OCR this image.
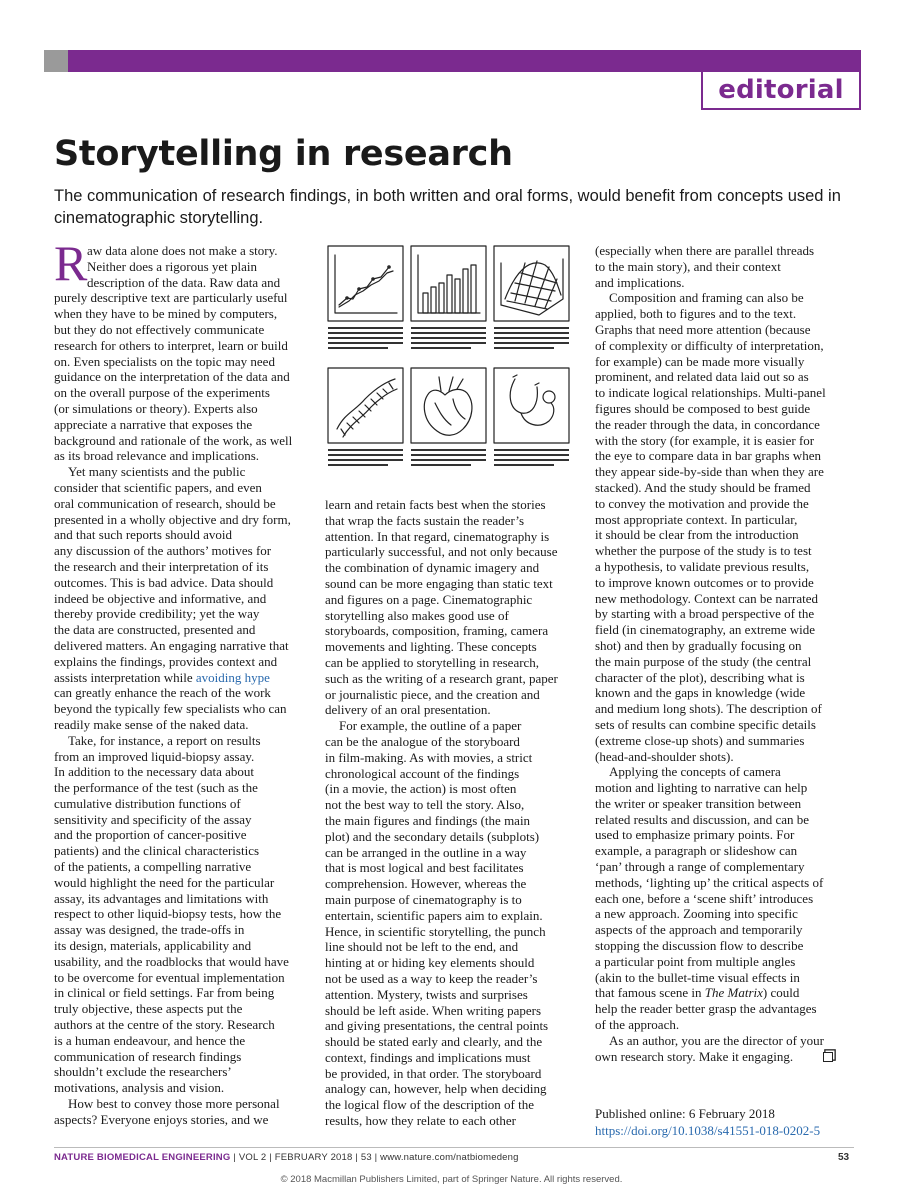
editorial
Storytelling in research

The communication of research findings, in both written and oral forms, would benefit from concepts used in
cinematographic storytelling.

R aw data alone does not make a story.
Neither does a rigorous yet plain
description of the data. Raw data and
purely descriptive text are particularly useful
when they have to be mined by computers,
but they do not effectively communicate
research for others to interpret, learn or build
on. Even specialists on the topic may need
guidance on the interpretation of the data and
on the overall purpose of the experiments
(or simulations or theory). Experts also
appreciate a narrative that exposes the
background and rationale of the work, as well
as its broad relevance and implications.
Yet many scientists and the public
consider that scientific papers, and even
oral communication of research, should be
presented in a wholly objective and dry form,
and that such reports should avoid
any discussion of the authors’ motives for
the research and their interpretation of its
outcomes. This is bad advice. Data should
indeed be objective and informative, and
thereby provide credibility; yet the way
the data are constructed, presented and
delivered matters. An engaging narrative that
explains the findings, provides context and
assists interpretation while avoiding hype
can greatly enhance the reach of the work
beyond the typically few specialists who can
readily make sense of the naked data.
Take, for instance, a report on results
from an improved liquid-biopsy assay.
In addition to the necessary data about
the performance of the test (such as the
cumulative distribution functions of
sensitivity and specificity of the assay
and the proportion of cancer-positive
patients) and the clinical characteristics
of the patients, a compelling narrative
would highlight the need for the particular
assay, its advantages and limitations with
respect to other liquid-biopsy tests, how the
assay was designed, the trade-offs in
its design, materials, applicability and
usability, and the roadblocks that would have
to be overcome for eventual implementation
in clinical or field settings. Far from being
truly objective, these aspects put the
authors at the centre of the story. Research
is a human endeavour, and hence the
communication of research findings
shouldn’t exclude the researchers’
motivations, analysis and vision.
How best to convey those more personal
aspects? Everyone enjoys stories, and we
learn and retain facts best when the stories
that wrap the facts sustain the reader’s
attention. In that regard, cinematography is
particularly successful, and not only because
the combination of dynamic imagery and
sound can be more engaging than static text
and figures on a page. Cinematographic
storytelling also makes good use of
storyboards, composition, framing, camera
movements and lighting. These concepts
can be applied to storytelling in research,
such as the writing of a research grant, paper
or journalistic piece, and the creation and
delivery of an oral presentation.
For example, the outline of a paper
can be the analogue of the storyboard
in film-making. As with movies, a strict
chronological account of the findings
(in a movie, the action) is most often
not the best way to tell the story. Also,
the main figures and findings (the main
plot) and the secondary details (subplots)
can be arranged in the outline in a way
that is most logical and best facilitates
comprehension. However, whereas the
main purpose of cinematography is to
entertain, scientific papers aim to explain.
Hence, in scientific storytelling, the punch
line should not be left to the end, and
hinting at or hiding key elements should
not be used as a way to keep the reader’s
attention. Mystery, twists and surprises
should be left aside. When writing papers
and giving presentations, the central points
should be stated early and clearly, and the
context, findings and implications must
be provided, in that order. The storyboard
analogy can, however, help when deciding
the logical flow of the description of the
results, how they relate to each other
(especially when there are parallel threads
to the main story), and their context
and implications.
Composition and framing can also be
applied, both to figures and to the text.
Graphs that need more attention (because
of complexity or difficulty of interpretation,
for example) can be made more visually
prominent, and related data laid out so as
to indicate logical relationships. Multi-panel
figures should be composed to best guide
the reader through the data, in concordance
with the story (for example, it is easier for
the eye to compare data in bar graphs when
they appear side-by-side than when they are
stacked). And the study should be framed
to convey the motivation and provide the
most appropriate context. In particular,
it should be clear from the introduction
whether the purpose of the study is to test
a hypothesis, to validate previous results,
to improve known outcomes or to provide
new methodology. Context can be narrated
by starting with a broad perspective of the
field (in cinematography, an extreme wide
shot) and then by gradually focusing on
the main purpose of the study (the central
character of the plot), describing what is
known and the gaps in knowledge (wide
and medium long shots). The description of
sets of results can combine specific details
(extreme close-up shots) and summaries
(head-and-shoulder shots).
Applying the concepts of camera
motion and lighting to narrative can help
the writer or speaker transition between
related results and discussion, and can be
used to emphasize primary points. For
example, a paragraph or slideshow can
‘pan’ through a range of complementary
methods, ‘lighting up’ the critical aspects of
each one, before a ‘scene shift’ introduces
a new approach. Zooming into specific
aspects of the approach and temporarily
stopping the discussion flow to describe
a particular point from multiple angles
(akin to the bullet-time visual effects in
that famous scene in The Matrix) could
help the reader better grasp the advantages
of the approach.
As an author, you are the director of your
own research story. Make it engaging.
Published online: 6 February 2018
https://doi.org/10.1038/s41551-018-0202-5
NATURE BIOMEDICAL ENGINEERING | VOL 2 | FEBRUARY 2018 | 53 | www.nature.com/natbiomedeng	53
© 2018 Macmillan Publishers Limited, part of Springer Nature. All rights reserved.
